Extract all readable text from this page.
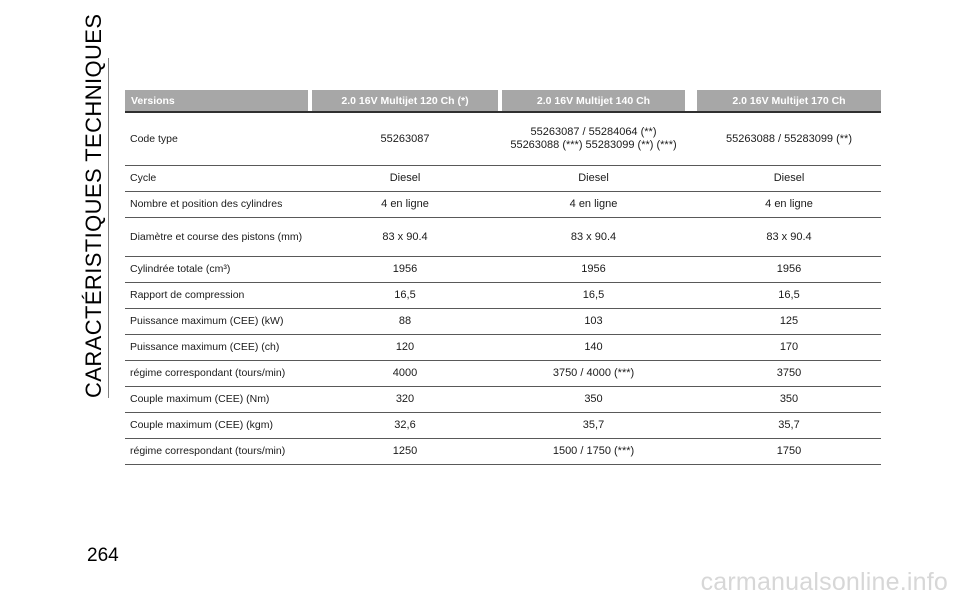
CARACTÉRISTIQUES TECHNIQUES Versions		2.0 16V Multijet 120 Ch (*)		2.0 16V Multijet 140 Ch		2.0 16V Multijet 170 Ch
Code type		55263087		55263087 / 55284064 (**) 55263088 (***) 55283099 (**) (***)		55263088 / 55283099 (**)
Cycle		Diesel		Diesel		Diesel
Nombre et position des cylindres		4 en ligne		4 en ligne		4 en ligne
Diamètre et course des pistons (mm)		83 x 90.4		83 x 90.4		83 x 90.4
Cylindrée totale (cm³)		1956		1956		1956
Rapport de compression		16,5		16,5		16,5
Puissance maximum (CEE) (kW)		88		103		125
Puissance maximum (CEE) (ch)		120		140		170
régime correspondant (tours/min)		4000		3750 / 4000 (***)		3750
Couple maximum (CEE) (Nm)		320		350		350
Couple maximum (CEE) (kgm)		32,6		35,7		35,7
régime correspondant (tours/min)		1250		1500 / 1750 (***)		1750
264
carmanualsonline.info
